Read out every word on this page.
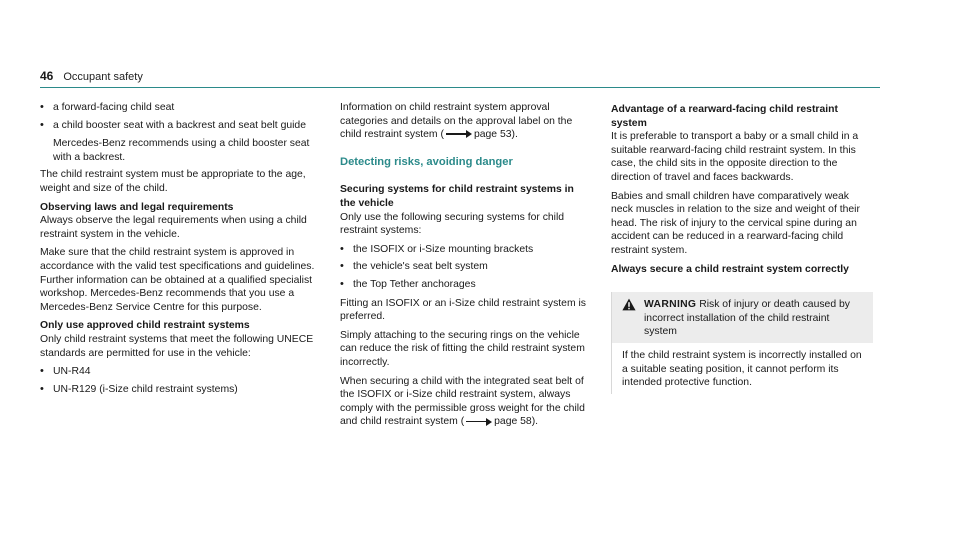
46 Occupant safety
• a forward-facing child seat
• a child booster seat with a backrest and seat belt guide

Mercedes-Benz recommends using a child booster seat with a backrest.

The child restraint system must be appropriate to the age, weight and size of the child.

Observing laws and legal requirements

Always observe the legal requirements when using a child restraint system in the vehicle.

Make sure that the child restraint system is approved in accordance with the valid test specifications and guidelines. Further information can be obtained at a qualified specialist workshop. Mercedes-Benz recommends that you use a Mercedes-Benz Service Centre for this purpose.

Only use approved child restraint systems

Only child restraint systems that meet the following UNECE standards are permitted for use in the vehicle:

• UN-R44
• UN-R129 (i-Size child restraint systems)

Information on child restraint system approval categories and details on the approval label on the child restraint system (	page 53).

Detecting risks, avoiding danger

Securing systems for child restraint systems in the vehicle

Only use the following securing systems for child restraint systems:

• the ISOFIX or i-Size mounting brackets
• the vehicle's seat belt system
• the Top Tether anchorages

Fitting an ISOFIX or an i-Size child restraint system is preferred.

Simply attaching to the securing rings on the vehicle can reduce the risk of fitting the child restraint system incorrectly.

When securing a child with the integrated seat belt of the ISOFIX or i-Size child restraint system, always comply with the permissible gross weight for the child and child restraint system (	page 58).

Advantage of a rearward-facing child restraint system

It is preferable to transport a baby or a small child in a suitable rearward-facing child restraint system. In this case, the child sits in the opposite direction to the direction of travel and faces backwards.

Babies and small children have comparatively weak neck muscles in relation to the size and weight of their head. The risk of injury to the cervical spine during an accident can be reduced in a rearward-facing child restraint system.

Always secure a child restraint system correctly

WARNING Risk of injury or death caused by incorrect installation of the child restraint system
If the child restraint system is incorrectly installed on a suitable seating position, it cannot perform its intended protective function.
